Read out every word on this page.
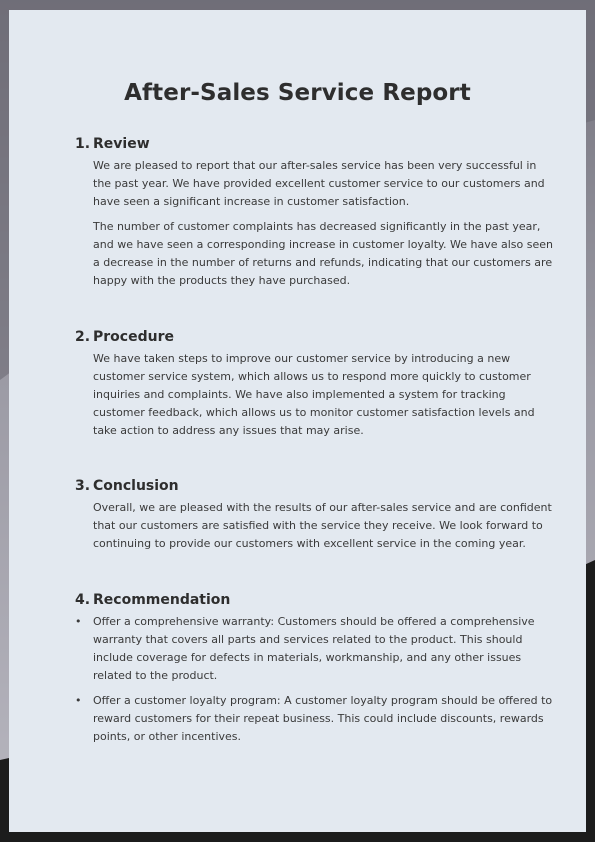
After-Sales Service Report
1. Review

We are pleased to report that our after-sales service has been very successful in the past year. We have provided excellent customer service to our customers and have seen a significant increase in customer satisfaction.

The number of customer complaints has decreased significantly in the past year, and we have seen a corresponding increase in customer loyalty. We have also seen a decrease in the number of returns and refunds, indicating that our customers are happy with the products they have purchased.

2. Procedure

We have taken steps to improve our customer service by introducing a new customer service system, which allows us to respond more quickly to customer inquiries and complaints. We have also implemented a system for tracking customer feedback, which allows us to monitor customer satisfaction levels and take action to address any issues that may arise.

3. Conclusion

Overall, we are pleased with the results of our after-sales service and are confident that our customers are satisfied with the service they receive. We look forward to continuing to provide our customers with excellent service in the coming year.

4. Recommendation
•	Offer a comprehensive warranty: Customers should be offered a comprehensive warranty that covers all parts and services related to the product. This should include coverage for defects in materials, workmanship, and any other issues related to the product.
•	Offer a customer loyalty program: A customer loyalty program should be offered to reward customers for their repeat business. This could include discounts, rewards points, or other incentives.
